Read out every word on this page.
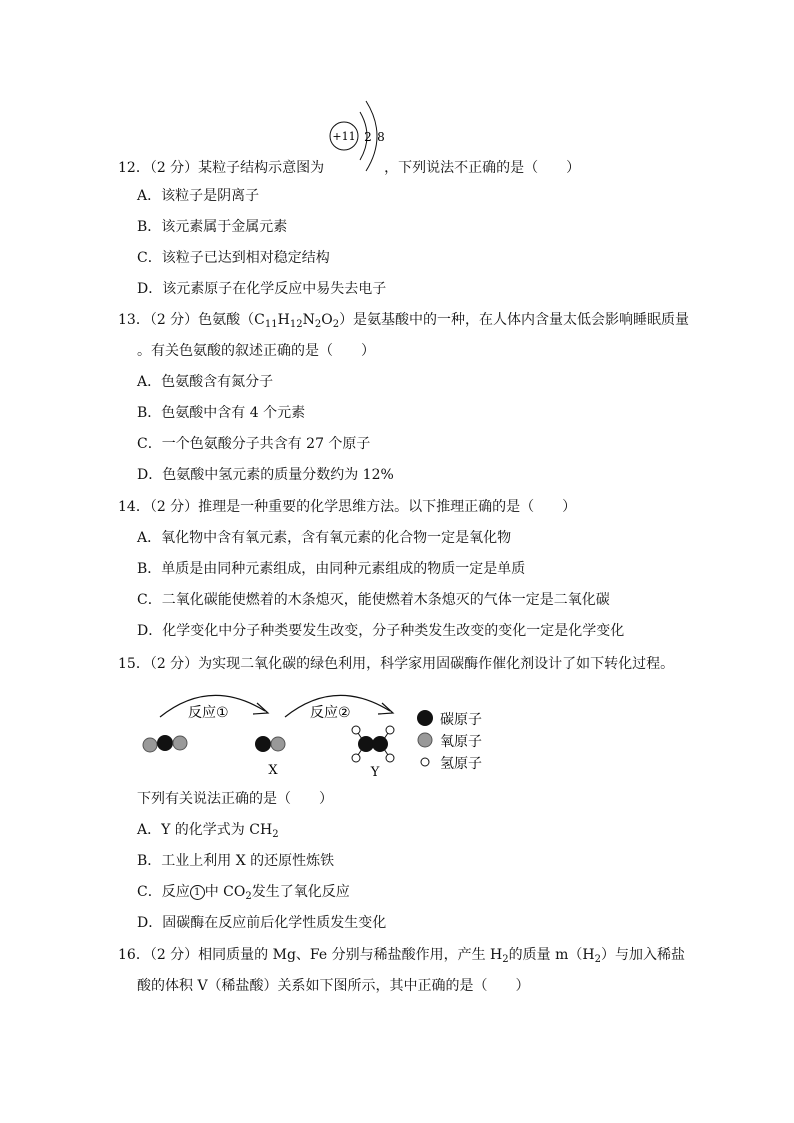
+11 2 8
12．（2 分）某粒子结构示意图为	，下列说法不正确的是（　　）
A．该粒子是阴离子
B．该元素属于金属元素
C．该粒子已达到相对稳定结构
D．该元素原子在化学反应中易失去电子
13．（2 分）色氨酸$(C_{11}H_{12}N_2O_2)$是氨基酸中的一种，在人体内含量太低会影响睡眠质量
。有关色氨酸的叙述正确的是（　　）
A．色氨酸含有氮分子
B．色氨酸中含有 4 个元素
C．一个色氨酸分子共含有 27 个原子
D．色氨酸中氢元素的质量分数约为 12%
14．（2 分）推理是一种重要的化学思维方法。以下推理正确的是（　　）
A．氧化物中含有氧元素，含有氧元素的化合物一定是氧化物
B．单质是由同种元素组成，由同种元素组成的物质一定是单质
C．二氧化碳能使燃着的木条熄灭，能使燃着木条熄灭的气体一定是二氧化碳
D．化学变化中分子种类要发生改变，分子种类发生改变的变化一定是化学变化
15．（2 分）为实现二氧化碳的绿色利用，科学家用固碳酶作催化剂设计了如下转化过程。
反应①	反应②
X	Y
碳原子
氧原子
氢原子
下列有关说法正确的是（　　）
A．Y 的化学式为 $CH_2$
B．工业上利用 X 的还原性炼铁
C．反应 1 中 $CO_2$发生了氧化反应
D．固碳酶在反应前后化学性质发生变化
16．（2 分）相同质量的 Mg、Fe 分别与稀盐酸作用，产生 $H_2$的质量 $m(H_2)$与加入稀盐
酸的体积 V（稀盐酸）关系如下图所示，其中正确的是（　　）
